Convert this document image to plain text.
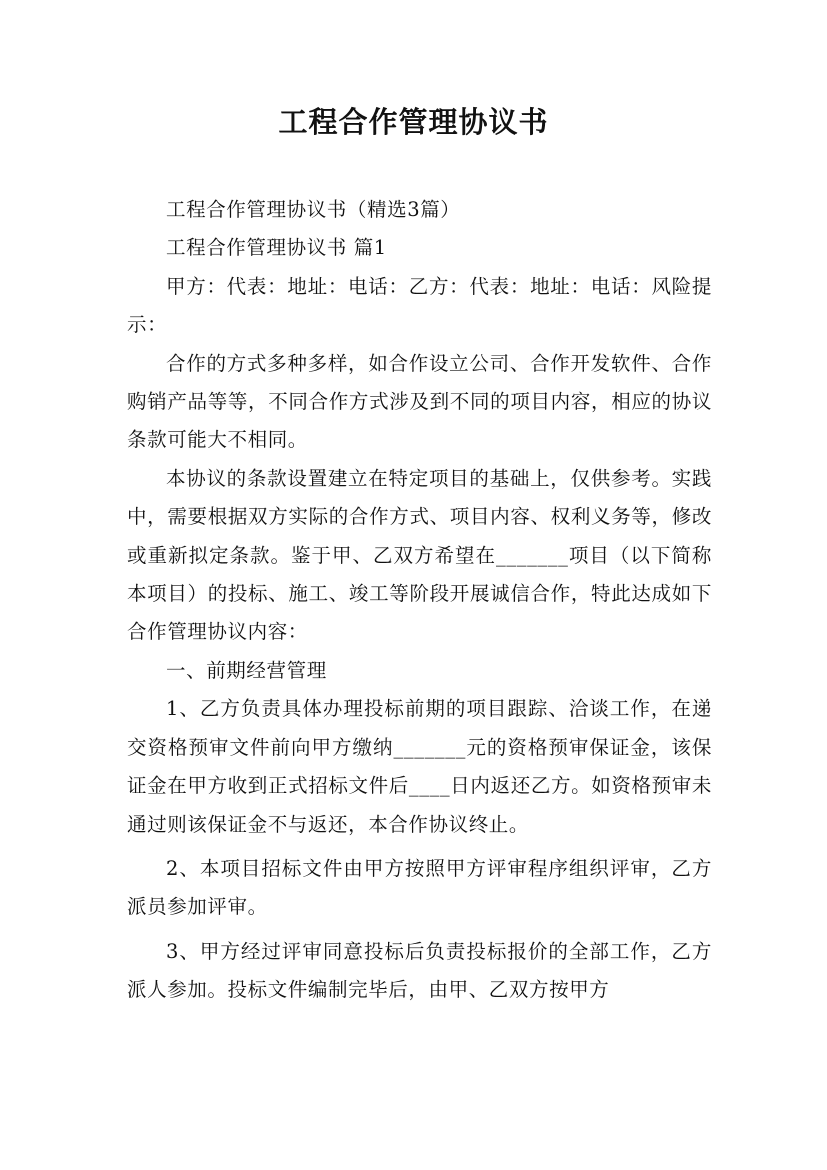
工程合作管理协议书

工程合作管理协议书（精选3篇）

工程合作管理协议书 篇1

甲方：代表：地址：电话：乙方：代表：地址：电话：风险提示：

合作的方式多种多样，如合作设立公司、合作开发软件、合作购销产品等等，不同合作方式涉及到不同的项目内容，相应的协议条款可能大不相同。

本协议的条款设置建立在特定项目的基础上，仅供参考。实践中，需要根据双方实际的合作方式、项目内容、权利义务等，修改或重新拟定条款。鉴于甲、乙双方希望在_______项目（以下简称本项目）的投标、施工、竣工等阶段开展诚信合作，特此达成如下合作管理协议内容：

一、前期经营管理

1、乙方负责具体办理投标前期的项目跟踪、洽谈工作，在递交资格预审文件前向甲方缴纳_______元的资格预审保证金，该保证金在甲方收到正式招标文件后____日内返还乙方。如资格预审未通过则该保证金不与返还，本合作协议终止。

2、本项目招标文件由甲方按照甲方评审程序组织评审，乙方派员参加评审。

3、甲方经过评审同意投标后负责投标报价的全部工作，乙方派人参加。投标文件编制完毕后，由甲、乙双方按甲方
